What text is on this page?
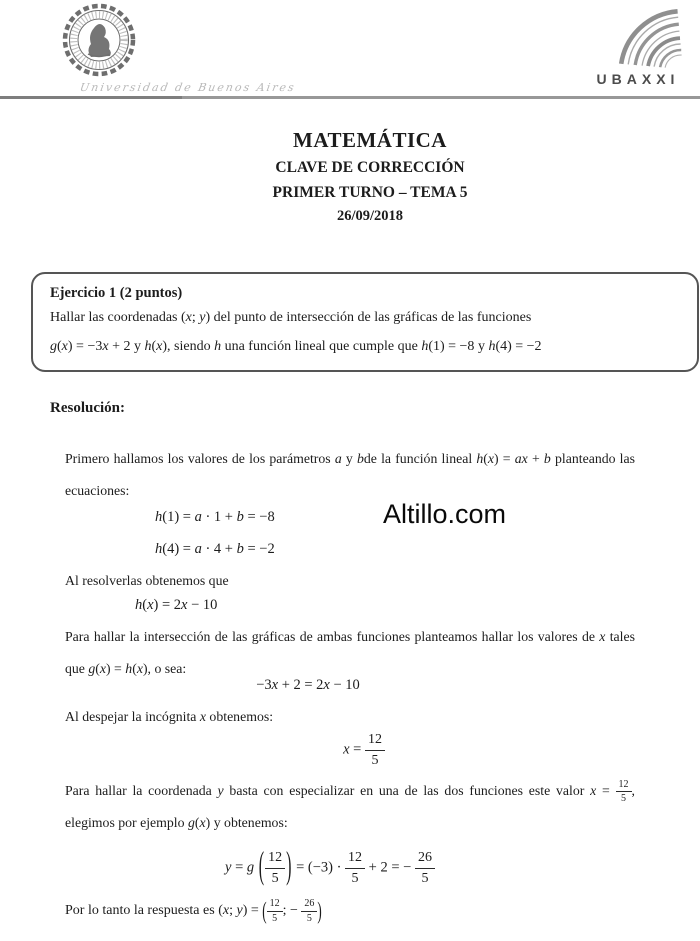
Universidad de Buenos Aires
UBAXXI
MATEMÁTICA
CLAVE DE CORRECCIÓN
PRIMER TURNO – TEMA 5
26/09/2018
Ejercicio 1 (2 puntos)
Hallar las coordenadas (x; y) del punto de intersección de las gráficas de las funciones
g(x) = −3x + 2 y h(x), siendo h una función lineal que cumple que h(1) = −8 y h(4) = −2
Resolución:

Primero hallamos los valores de los parámetros a y bde la función lineal h(x) = ax + b planteando las ecuaciones:

h(1) = a · 1 + b = −8
h(4) = a · 4 + b = −2

Al resolverlas obtenemos que

h(x) = 2x − 10

Para hallar la intersección de las gráficas de ambas funciones planteamos hallar los valores de x tales que g(x) = h(x), o sea:

−3x + 2 = 2x − 10

Al despejar la incógnita x obtenemos:

$x = \frac{12}{5}$

Para hallar la coordenada y basta con especializar en una de las dos funciones este valor $x = \frac{12}{5}$ , elegimos por ejemplo g(x) y obtenemos:

y = g ( $\frac{12}{5}$ ) = $(-3) \cdot \frac{12}{5} + 2$ = − $\frac{26}{5}$

Por lo tanto la respuesta es (x; y) = ( $\frac{12}{5}$ ; − $\frac{26}{5}$ )

Altillo.com
